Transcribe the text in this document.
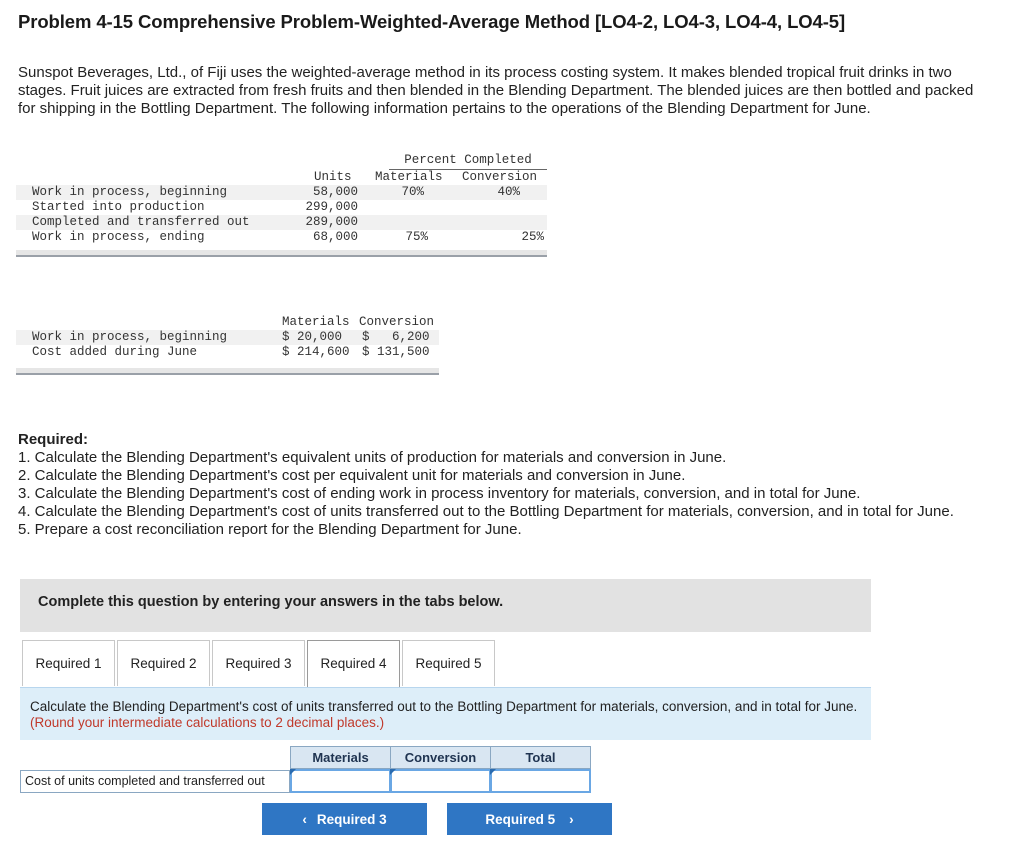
Problem 4-15 Comprehensive Problem-Weighted-Average Method [LO4-2, LO4-3, LO4-4, LO4-5]
Sunspot Beverages, Ltd., of Fiji uses the weighted-average method in its process costing system. It makes blended tropical fruit drinks in two stages. Fruit juices are extracted from fresh fruits and then blended in the Blending Department. The blended juices are then bottled and packed for shipping in the Bottling Department. The following information pertains to the operations of the Blending Department for June.
Percent Completed
Units Materials Conversion
Work in process, beginning	58,000	70%	40%
Started into production	299,000
Completed and transferred out	289,000
Work in process, ending	68,000	75%	25%
Materials Conversion
Work in process, beginning	$ 20,000 $   6,200
Cost added during June	$ 214,600 $ 131,500
Required:
1. Calculate the Blending Department's equivalent units of production for materials and conversion in June.
2. Calculate the Blending Department's cost per equivalent unit for materials and conversion in June.
3. Calculate the Blending Department's cost of ending work in process inventory for materials, conversion, and in total for June.
4. Calculate the Blending Department's cost of units transferred out to the Bottling Department for materials, conversion, and in total for June.
5. Prepare a cost reconciliation report for the Blending Department for June.
Complete this question by entering your answers in the tabs below.
Required 1	Required 2	Required 3	Required 4	Required 5
Calculate the Blending Department's cost of units transferred out to the Bottling Department for materials, conversion, and in total for June. (Round your intermediate calculations to 2 decimal places.)
Materials	Conversion	Total
Cost of units completed and transferred out
‹ Required 3	Required 5 ›
